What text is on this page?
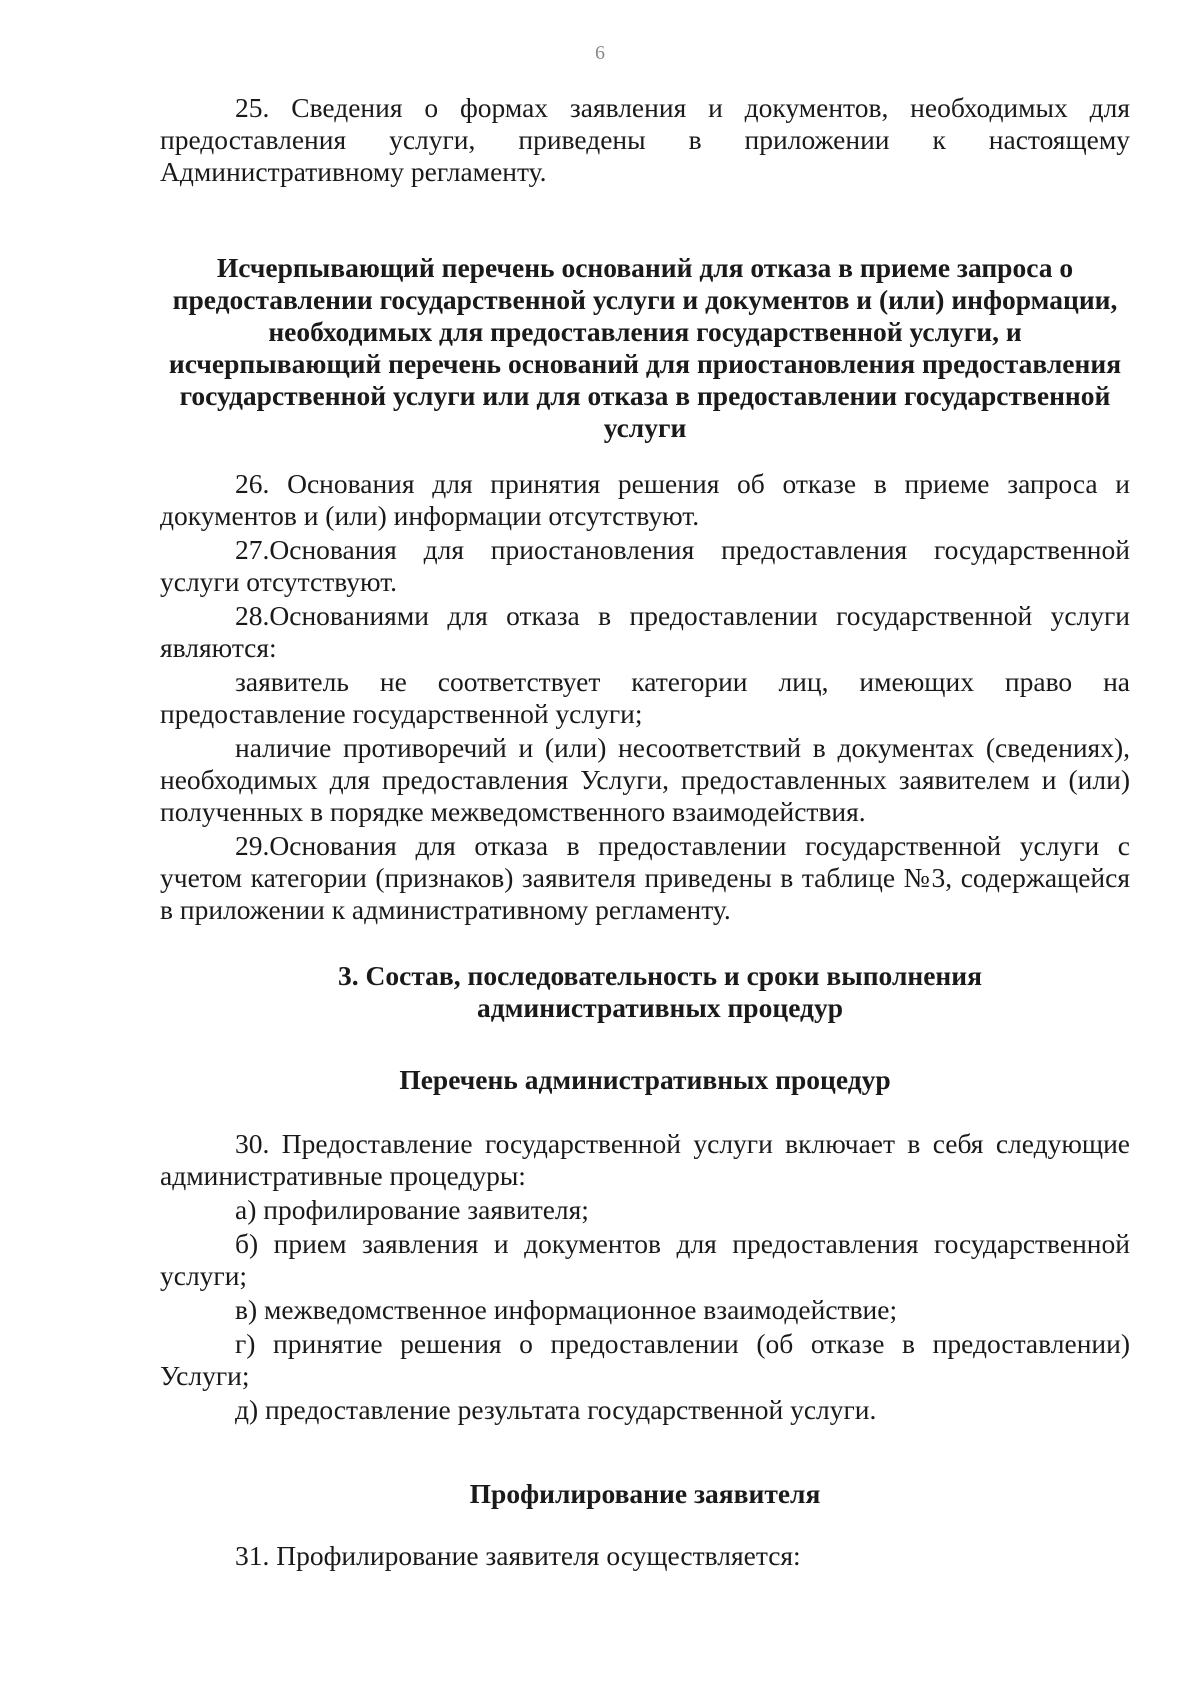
6

25. Сведения о формах заявления и документов, необходимых для предоставления услуги, приведены в приложении к настоящему Административному регламенту.

Исчерпывающий перечень оснований для отказа в приеме запроса о предоставлении государственной услуги и документов и (или) информации, необходимых для предоставления государственной услуги, и исчерпывающий перечень оснований для приостановления предоставления государственной услуги или для отказа в предоставлении государственной услуги

26. Основания для принятия решения об отказе в приеме запроса и документов и (или) информации отсутствуют.

27.Основания для приостановления предоставления государственной услуги отсутствуют.

28.Основаниями для отказа в предоставлении государственной услуги являются:

заявитель не соответствует категории лиц, имеющих право на предоставление государственной услуги;

наличие противоречий и (или) несоответствий в документах (сведениях), необходимых для предоставления Услуги, предоставленных заявителем и (или) полученных в порядке межведомственного взаимодействия.

29.Основания для отказа в предоставлении государственной услуги с учетом категории (признаков) заявителя приведены в таблице №3, содержащейся в приложении к административному регламенту.

3. Состав, последовательность и сроки выполнения административных процедур
Перечень административных процедур

30. Предоставление государственной услуги включает в себя следующие административные процедуры:

а) профилирование заявителя;

б) прием заявления и документов для предоставления государственной услуги;

в) межведомственное информационное взаимодействие;

г) принятие решения о предоставлении (об отказе в предоставлении) Услуги;

д) предоставление результата государственной услуги.

Профилирование заявителя

31. Профилирование заявителя осуществляется:
